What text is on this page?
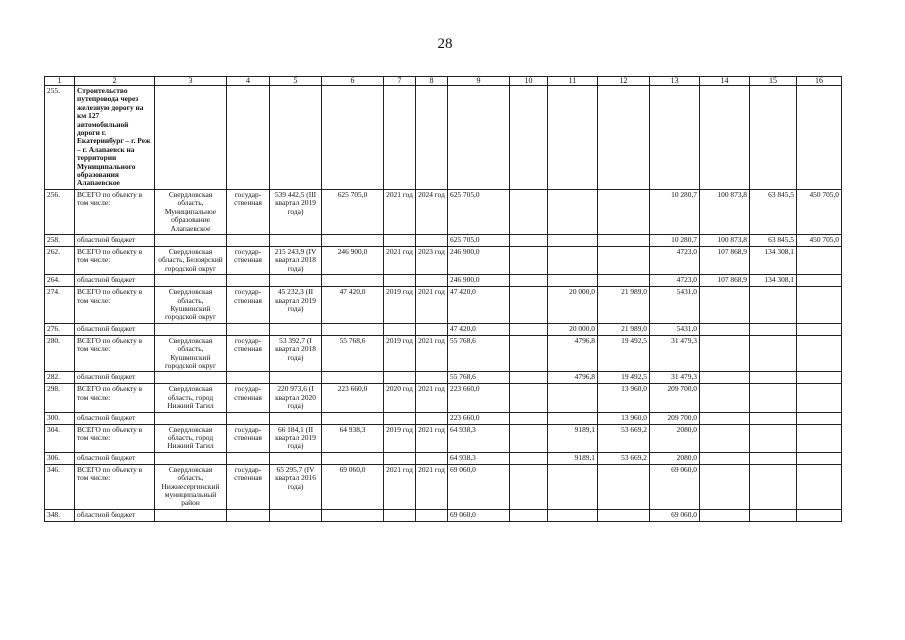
28
1	2	3	4	5	6	7	8	9	10	11	12	13	14	15	16
255.	Строительство путепровода через железную дорогу на км 127 автомобильной дороги г. Екатеринбург – г. Реж – г. Алапаевск на территории Муниципального образования Алапаевское														
256.	ВСЕГО по объекту в том числе:	Свердловская область, Муниципальное образование Алапаевское	государ-ственная	539 442,5 (III квартал 2019 года)	625 705,0	2021 год	2024 год	625 705,0				10 280,7	100 873,8	63 845,5	450 705,0
258.	областной бюджет							625 705,0				10 280,7	100 873,8	63 845,5	450 705,0
262.	ВСЕГО по объекту в том числе:	Свердловская область, Белоярский городской округ	государ-ственная	215 243,9 (IV квартал 2018 года)	246 900,0	2021 год	2023 год	246 900,0				4723,0	107 868,9	134 308,1	
264.	областной бюджет							246 900,0				4723,0	107 868,9	134 308,1	
274.	ВСЕГО по объекту в том числе:	Свердловская область, Кушвинский городской округ	государ-ственная	45 232,3 (II квартал 2019 года)	47 420,0	2019 год	2021 год	47 420,0		20 000,0	21 989,0	5431,0			
276.	областной бюджет							47 420,0		20 000,0	21 989,0	5431,0			
280.	ВСЕГО по объекту в том числе:	Свердловская область, Кушвинский городской округ	государ-ственная	53 392,7 (I квартал 2018 года)	55 768,6	2019 год	2021 год	55 768,6		4796,8	19 492,5	31 479,3			
282.	областной бюджет							55 768,6		4796,8	19 492,5	31 479,3			
298.	ВСЕГО по объекту в том числе:	Свердловская область, город Нижний Тагил	государ-ственная	220 973,6 (I квартал 2020 года)	223 660,0	2020 год	2021 год	223 660,0			13 960,0	209 700,0			
300.	областной бюджет							223 660,0			13 960,0	209 700,0			
304.	ВСЕГО по объекту в том числе:	Свердловская область, город Нижний Тагил	государ-ственная	66 184,1 (II квартал 2019 года)	64 938,3	2019 год	2021 год	64 938,3		9189,1	53 669,2	2080,0			
306.	областной бюджет							64 938,3		9189,1	53 669,2	2080,0			
346.	ВСЕГО по объекту в том числе:	Свердловская область, Нижнесергинский муниципальный район	государ-ственная	65 295,7 (IV квартал 2016 года)	69 060,0	2021 год	2021 год	69 060,0				69 060,0			
348.	областной бюджет							69 060,0				69 060,0			
